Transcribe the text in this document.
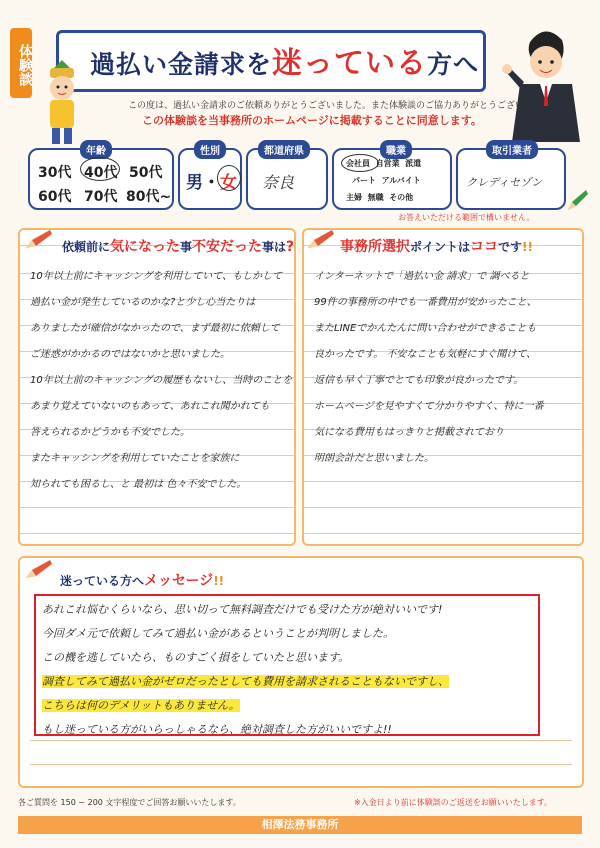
体験談 過払い金請求を迷っている方へ
この度は、過払い金請求のご依頼ありがとうございました。また体験談のご協力ありがとうございます。
この体験談を当事務所のホームページに掲載することに同意します。
年齢
30代 40代 50代
60代 70代 80代~
性別
男・女
都道府県
奈良
職業
会社員 自営業 派遣
パート アルバイト
主婦 無職 その他
取引業者
クレディセゾン
お答えいただける範囲で構いません。
依頼前に気になった事不安だった事は?
10年以上前にキャッシングを利用していて、もしかして
過払い金が発生しているのかな?と少し心当たりは
ありましたが確信がなかったので、まず最初に依頼して
ご迷惑がかかるのではないかと思いました。
10年以上前のキャッシングの履歴もないし、当時のことを
あまり覚えていないのもあって、あれこれ聞かれても
答えられるかどうかも不安でした。
またキャッシングを利用していたことを家族に
知られても困るし、と 最初は 色々不安でした。
事務所選択ポイントはココです!!
インターネットで「過払い金 請求」で 調べると
99件の事務所の中でも一番費用が安かったこと、
またLINEでかんたんに問い合わせができることも
良かったです。 不安なことも気軽にすぐ聞けて、
返信も早く丁寧でとても印象が良かったです。
ホームページを見やすくて分かりやすく、特に一番
気になる費用もはっきりと掲載されており
明朗会計だと思いました。
迷っている方へメッセージ!!
あれこれ悩むくらいなら、思い切って無料調査だけでも受けた方が絶対いいです!
今回ダメ元で依頼してみて過払い金があるということが判明しました。
この機を逃していたら、ものすごく損をしていたと思います。
調査してみて過払い金がゼロだったとしても費用を請求されることもないですし、
こちらは何のデメリットもありません。
もし迷っている方がいらっしゃるなら、絶対調査した方がいいですよ!!
各ご質問を 150 ~ 200 文字程度でご回答お願いいたします。	※入金日より前に体験談のご返送をお願いいたします。
相澤法務事務所
